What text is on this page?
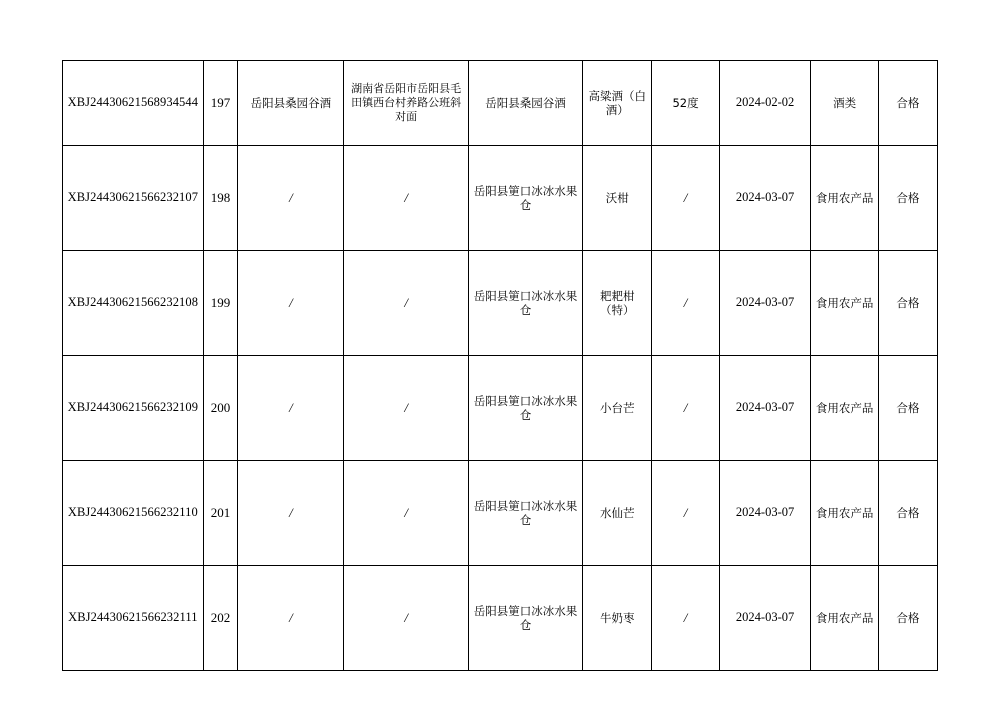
XBJ24430621568934544	197	岳阳县桑园谷酒	湖南省岳阳市岳阳县毛田镇西台村养路公班斜对面	岳阳县桑园谷酒	高粱酒（白酒）	52度	2024-02-02	酒类	合格
XBJ24430621566232107	198	/	/	岳阳县筻口冰冰水果仓	沃柑	/	2024-03-07	食用农产品	合格
XBJ24430621566232108	199	/	/	岳阳县筻口冰冰水果仓	耙耙柑（特）	/	2024-03-07	食用农产品	合格
XBJ24430621566232109	200	/	/	岳阳县筻口冰冰水果仓	小台芒	/	2024-03-07	食用农产品	合格
XBJ24430621566232110	201	/	/	岳阳县筻口冰冰水果仓	水仙芒	/	2024-03-07	食用农产品	合格
XBJ24430621566232111	202	/	/	岳阳县筻口冰冰水果仓	牛奶枣	/	2024-03-07	食用农产品	合格
